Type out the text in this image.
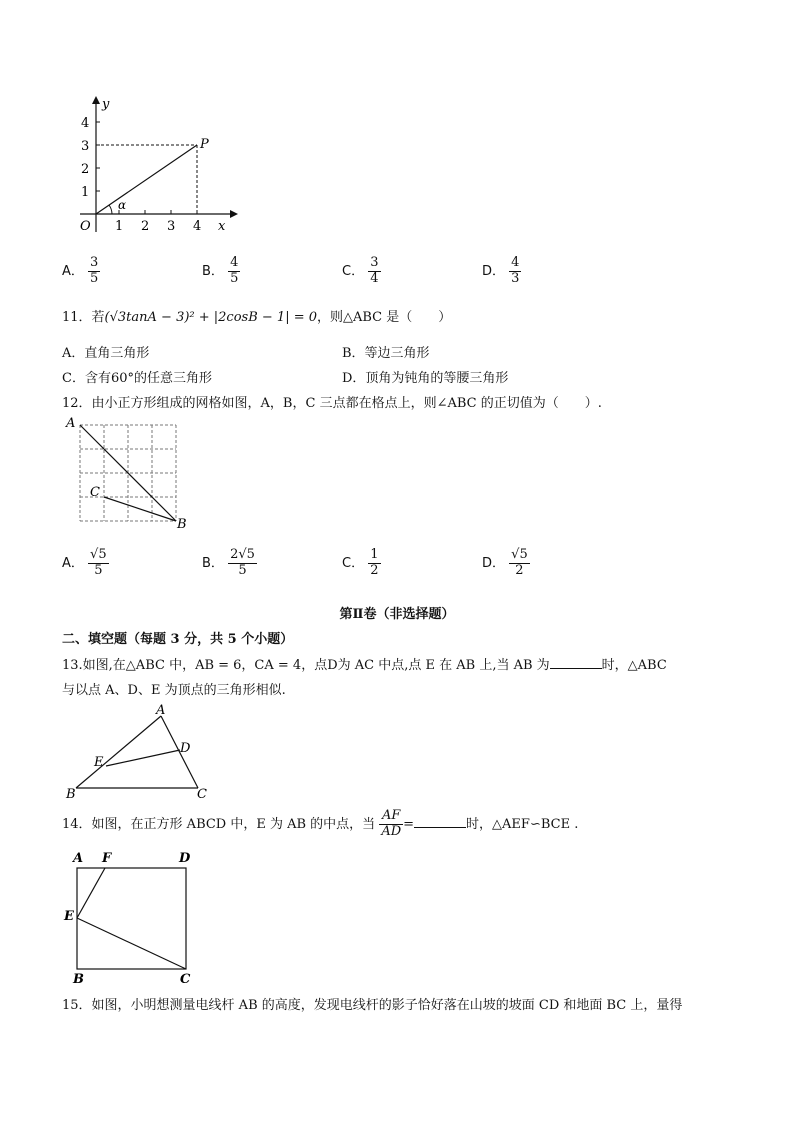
y
x
O
P
α
1 2 3 4
1
2
3
4
A． $\frac{3}{5}$	B． $\frac{4}{5}$	C． $\frac{3}{4}$	D． $\frac{4}{3}$
11．若(√3tanA − 3)² + |2cosB − 1| = 0，则△ABC 是（　　）
A．直角三角形	B．等边三角形
C．含有60°的任意三角形	D．顶角为钝角的等腰三角形
12．由小正方形组成的网格如图，A，B，C 三点都在格点上，则∠ABC 的正切值为（　　）.
A
C
B
A． $\frac{√5}{5}$	B． $\frac{2√5}{5}$	C． $\frac{1}{2}$	D． $\frac{√5}{2}$
第Ⅱ卷（非选择题）
二、填空题（每题 3 分，共 5 个小题）
13.如图,在△ABC 中，AB = 6，CA = 4，点D为 AC 中点,点 E 在 AB 上,当 AB 为	时，△ABC
与以点 A、D、E 为顶点的三角形相似.
A
D
E
B	C
14．如图，在正方形 ABCD 中，E 为 AB 的中点，当 $\frac{AF}{AD}$ =	时，△AEF∽BCE .
A F	D
E
B	C
15．如图，小明想测量电线杆 AB 的高度，发现电线杆的影子恰好落在山坡的坡面 CD 和地面 BC 上，量得
